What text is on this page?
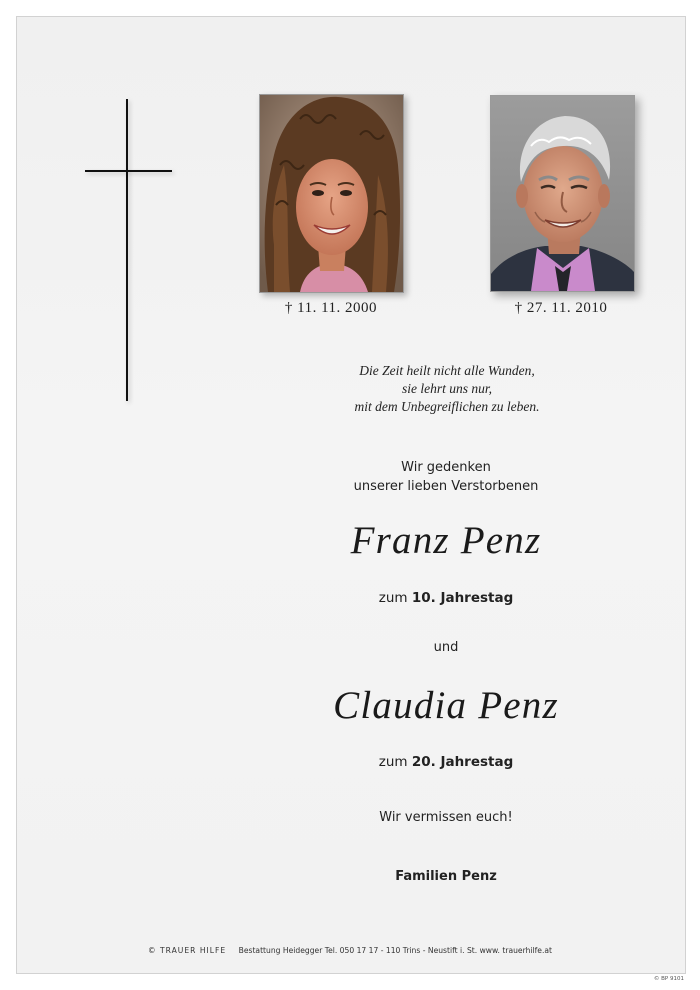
† 11. 11. 2000	† 27. 11. 2010
Die Zeit heilt nicht alle Wunden,
sie lehrt uns nur,
mit dem Unbegreiflichen zu leben.
Wir gedenken
unserer lieben Verstorbenen
Franz Penz
zum 10. Jahrestag
und
Claudia Penz
zum 20. Jahrestag
Wir vermissen euch!
Familien Penz
© TRAUER HILFE Bestattung Heidegger Tel. 050 17 17 - 110 Trins - Neustift i. St. www. trauerhilfe.at
© BP 9101
